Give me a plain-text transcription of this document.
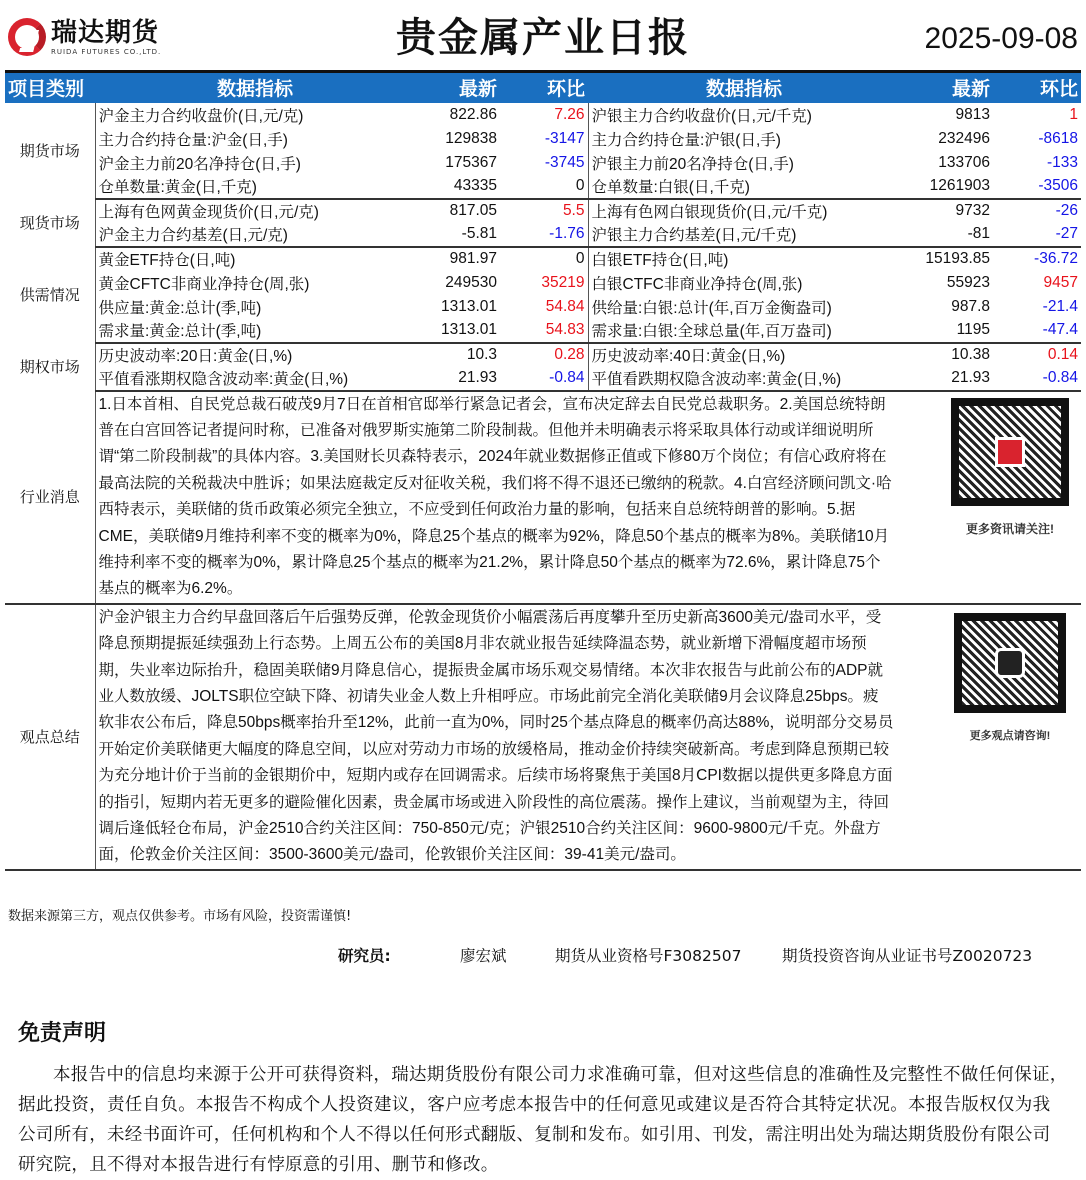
瑞达期货
RUIDA FUTURES CO.,LTD.	贵金属产业日报	2025-09-08
项目类别	数据指标	最新	环比	数据指标	最新	环比
期货市场	沪金主力合约收盘价(日,元/克)	822.86	7.26	沪银主力合约收盘价(日,元/千克)	9813	1
	主力合约持仓量:沪金(日,手)	129838	-3147	主力合约持仓量:沪银(日,手)	232496	-8618
	沪金主力前20名净持仓(日,手)	175367	-3745	沪银主力前20名净持仓(日,手)	133706	-133
	仓单数量:黄金(日,千克)	43335	0	仓单数量:白银(日,千克)	1261903	-3506
现货市场	上海有色网黄金现货价(日,元/克)	817.05	5.5	上海有色网白银现货价(日,元/千克)	9732	-26
	沪金主力合约基差(日,元/克)	-5.81	-1.76	沪银主力合约基差(日,元/千克)	-81	-27
供需情况	黄金ETF持仓(日,吨)	981.97	0	白银ETF持仓(日,吨)	15193.85	-36.72
	黄金CFTC非商业净持仓(周,张)	249530	35219	白银CTFC非商业净持仓(周,张)	55923	9457
	供应量:黄金:总计(季,吨)	1313.01	54.84	供给量:白银:总计(年,百万金衡盎司)	987.8	-21.4
	需求量:黄金:总计(季,吨)	1313.01	54.83	需求量:白银:全球总量(年,百万盎司)	1195	-47.4
期权市场	历史波动率:20日:黄金(日,%)	10.3	0.28	历史波动率:40日:黄金(日,%)	10.38	0.14
	平值看涨期权隐含波动率:黄金(日,%)	21.93	-0.84	平值看跌期权隐含波动率:黄金(日,%)	21.93	-0.84
行业消息	1.日本首相、自民党总裁石破茂9月7日在首相官邸举行紧急记者会，宣布决定辞去自民党总裁职务。2.美国总统特朗普在白宫回答记者提问时称，已准备对俄罗斯实施第二阶段制裁。但他并未明确表示将采取具体行动或详细说明所谓“第二阶段制裁”的具体内容。3.美国财长贝森特表示，2024年就业数据修正值或下修80万个岗位；有信心政府将在最高法院的关税裁决中胜诉；如果法庭裁定反对征收关税，我们将不得不退还已缴纳的税款。4.白宫经济顾问凯文·哈西特表示，美联储的货币政策必须完全独立，不应受到任何政治力量的影响，包括来自总统特朗普的影响。5.据CME，美联储9月维持利率不变的概率为0%，降息25个基点的概率为92%，降息50个基点的概率为8%。美联储10月维持利率不变的概率为0%，累计降息25个基点的概率为21.2%，累计降息50个基点的概率为72.6%，累计降息75个基点的概率为6.2%。
更多资讯请关注!					

观点总结	沪金沪银主力合约早盘回落后午后强势反弹，伦敦金现货价小幅震荡后再度攀升至历史新高3600美元/盎司水平，受降息预期提振延续强劲上行态势。上周五公布的美国8月非农就业报告延续降温态势，就业新增下滑幅度超市场预期，失业率边际抬升，稳固美联储9月降息信心，提振贵金属市场乐观交易情绪。本次非农报告与此前公布的ADP就业人数放缓、JOLTS职位空缺下降、初请失业金人数上升相呼应。市场此前完全消化美联储9月会议降息25bps。疲软非农公布后，降息50bps概率抬升至12%，此前一直为0%，同时25个基点降息的概率仍高达88%，说明部分交易员开始定价美联储更大幅度的降息空间，以应对劳动力市场的放缓格局，推动金价持续突破新高。考虑到降息预期已较为充分地计价于当前的金银期价中，短期内或存在回调需求。后续市场将聚焦于美国8月CPI数据以提供更多降息方面的指引，短期内若无更多的避险催化因素，贵金属市场或进入阶段性的高位震荡。操作上建议，当前观望为主，待回调后逢低轻仓布局，沪金2510合约关注区间：750-850元/克；沪银2510合约关注区间：9600-9800元/千克。外盘方面，伦敦金价关注区间：3500-3600美元/盎司，伦敦银价关注区间：39-41美元/盎司。
更多观点请咨询!					
数据来源第三方，观点仅供参考。市场有风险，投资需谨慎!
研究员:	廖宏斌	期货从业资格号F3082507	期货投资咨询从业证书号Z0020723
免责声明
本报告中的信息均来源于公开可获得资料，瑞达期货股份有限公司力求准确可靠，但对这些信息的准确性及完整性不做任何保证，据此投资，责任自负。本报告不构成个人投资建议，客户应考虑本报告中的任何意见或建议是否符合其特定状况。本报告版权仅为我公司所有，未经书面许可，任何机构和个人不得以任何形式翻版、复制和发布。如引用、刊发，需注明出处为瑞达期货股份有限公司研究院，且不得对本报告进行有悖原意的引用、删节和修改。
